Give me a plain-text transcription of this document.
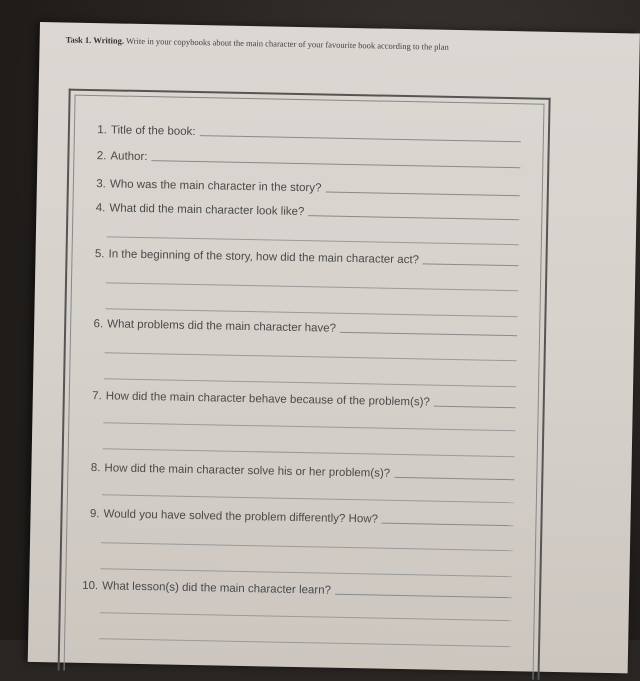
Task 1. Writing. Write in your copybooks about the main character of your favourite book according to the plan
1. Title of the book:
2. Author:
3. Who was the main character in the story?
4. What did the main character look like?
5. In the beginning of the story, how did the main character act?
6. What problems did the main character have?
7. How did the main character behave because of the problem(s)?
8. How did the main character solve his or her problem(s)?
9. Would you have solved the problem differently? How?
10. What lesson(s) did the main character learn?
